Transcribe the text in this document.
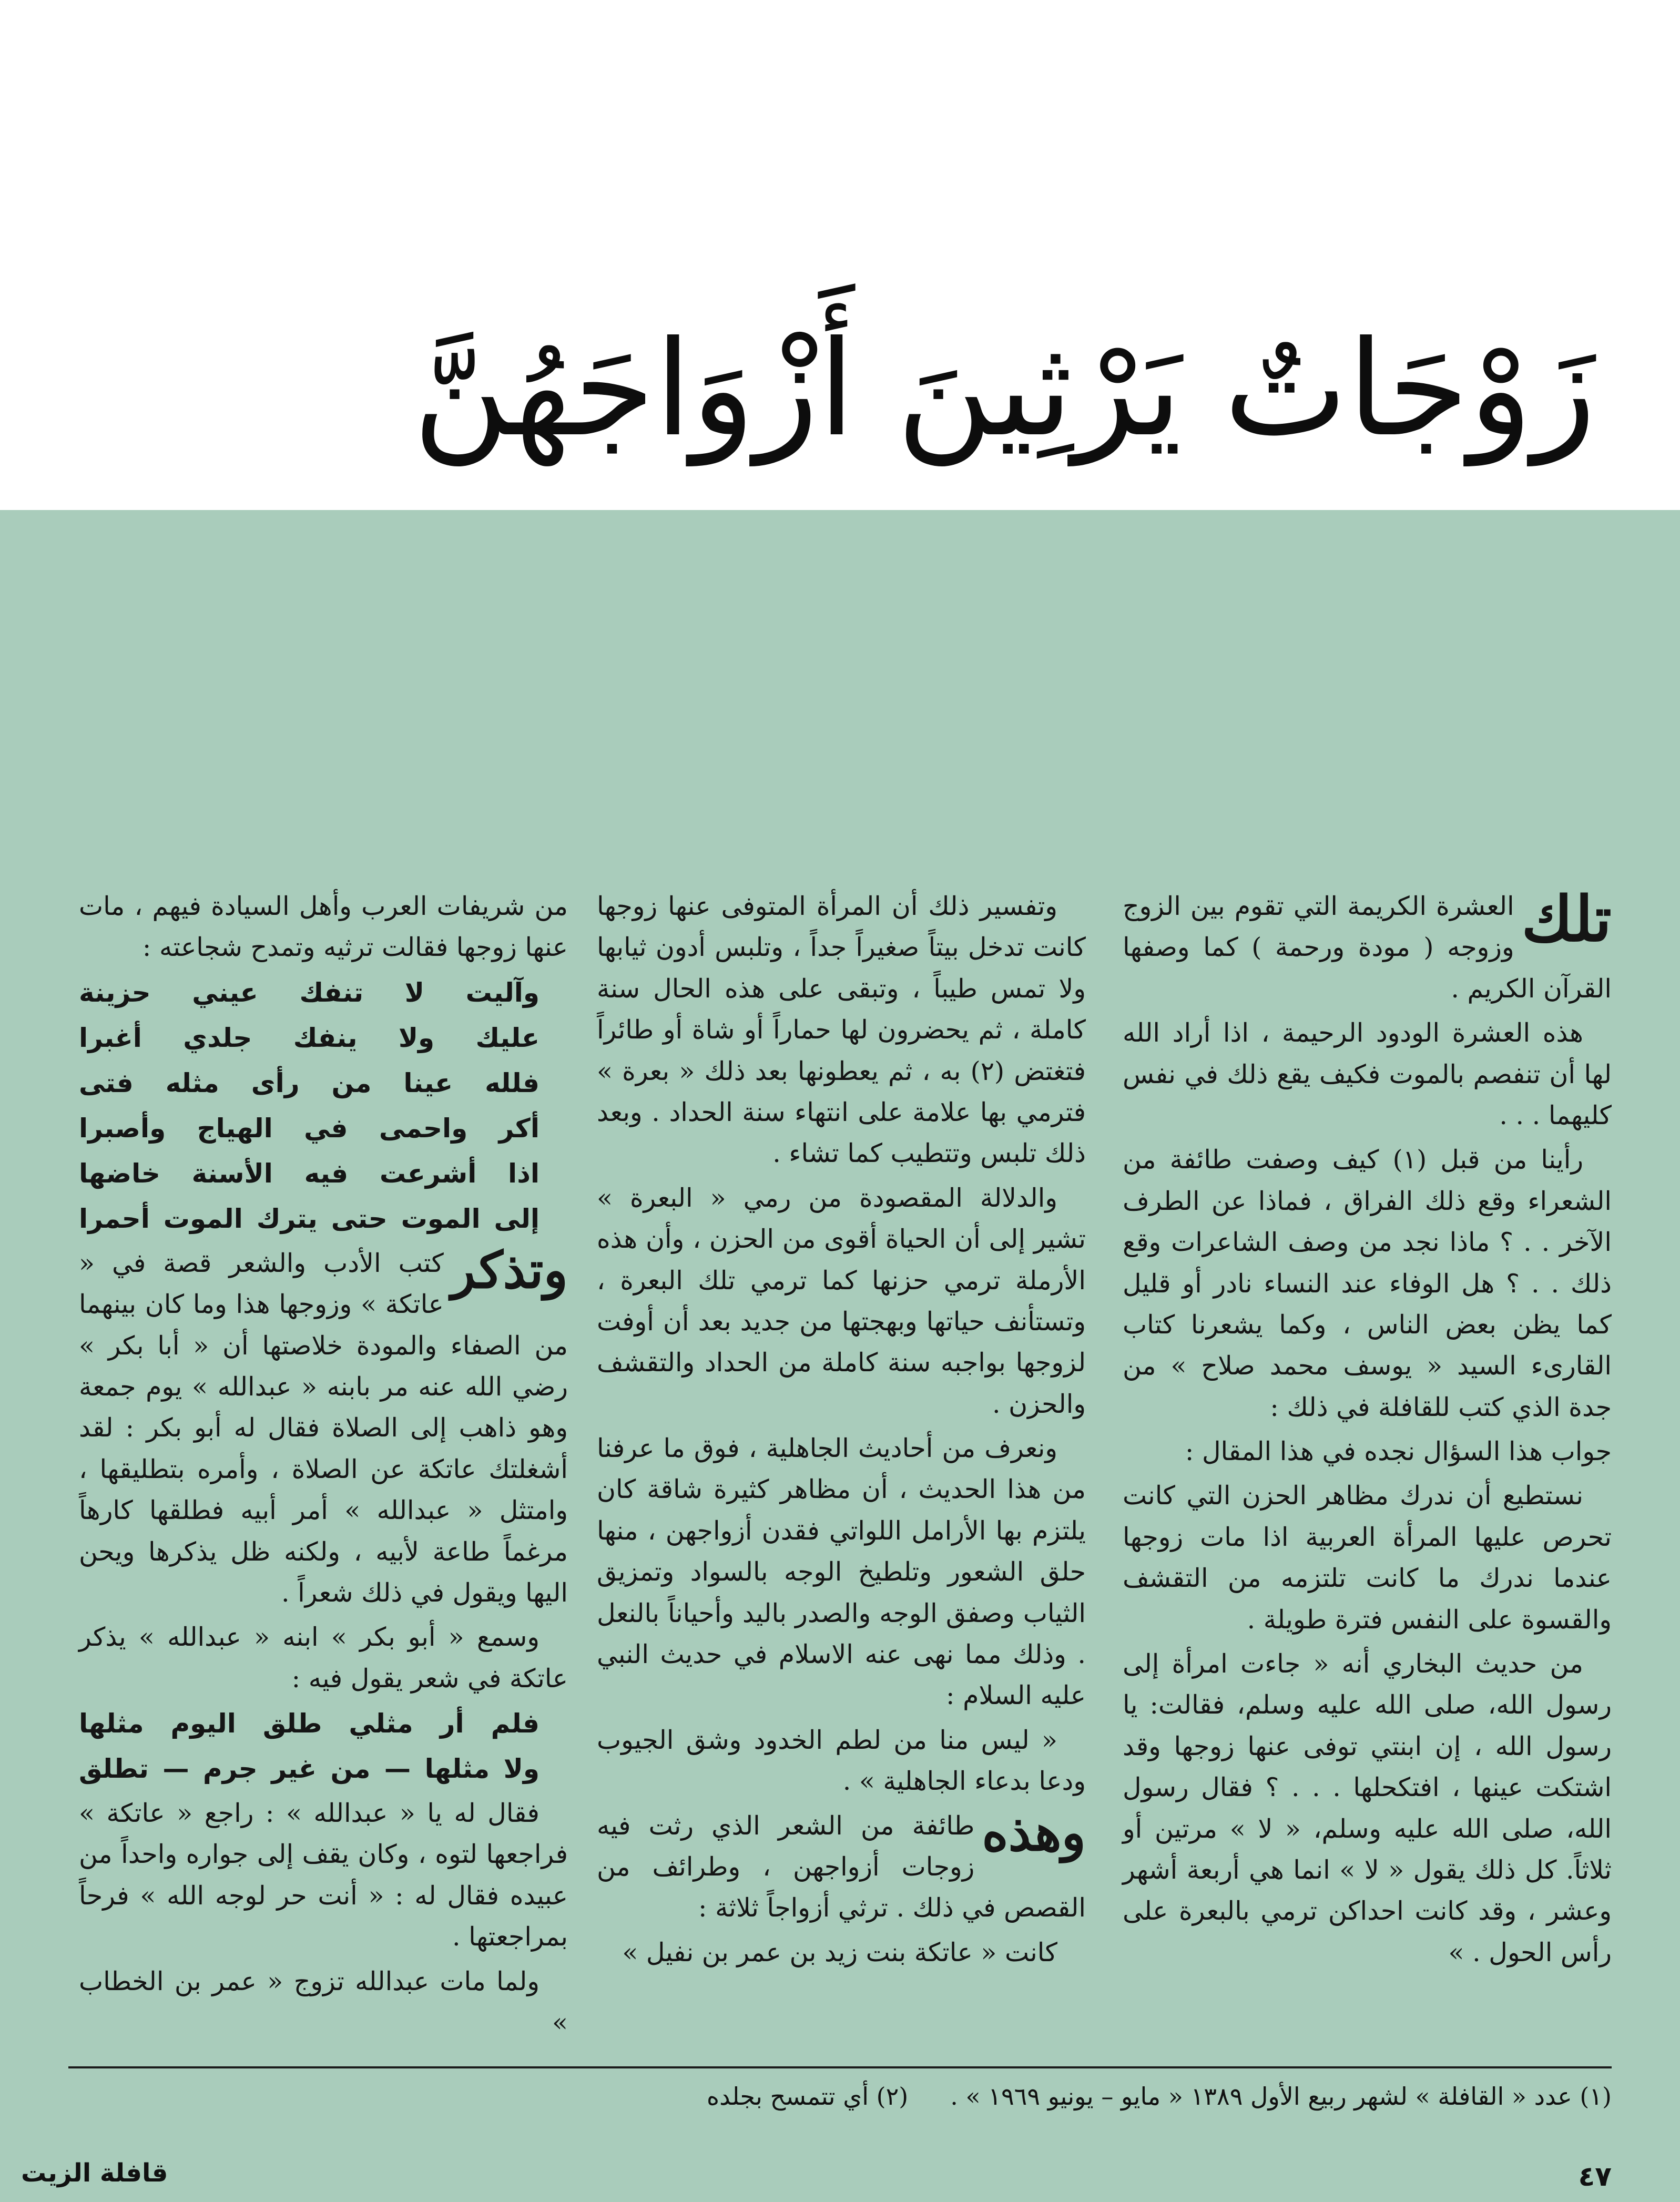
زَوْجَاتٌ يَرْثِينَ أَزْوَاجَهُنَّ
تلك

العشرة الكريمة التي تقوم بين الزوج وزوجه ( مودة ورحمة ) كما وصفها القرآن الكريم .

هذه العشرة الودود الرحيمة ، اذا أراد الله لها أن تنفصم بالموت فكيف يقع ذلك في نفس كليهما . . .

رأينا من قبل (١) كيف وصفت طائفة من الشعراء وقع ذلك الفراق ، فماذا عن الطرف الآخر . . ؟ ماذا نجد من وصف الشاعرات وقع ذلك . . ؟ هل الوفاء عند النساء نادر أو قليل كما يظن بعض الناس ، وكما يشعرنا كتاب القارىء السيد « يوسف محمد صلاح » من جدة الذي كتب للقافلة في ذلك :

جواب هذا السؤال نجده في هذا المقال :

نستطيع أن ندرك مظاهر الحزن التي كانت تحرص عليها المرأة العربية اذا مات زوجها عندما ندرك ما كانت تلتزمه من التقشف والقسوة على النفس فترة طويلة .

من حديث البخاري أنه « جاءت امرأة إلى رسول الله، صلى الله عليه وسلم، فقالت: يا رسول الله ، إن ابنتي توفى عنها زوجها وقد اشتكت عينها ، افتكحلها . . . ؟ فقال رسول الله، صلى الله عليه وسلم، « لا » مرتين أو ثلاثاً. كل ذلك يقول « لا » انما هي أربعة أشهر وعشر ، وقد كانت احداكن ترمي بالبعرة على رأس الحول . »

وتفسير ذلك أن المرأة المتوفى عنها زوجها كانت تدخل بيتاً صغيراً جداً ، وتلبس أدون ثيابها ولا تمس طيباً ، وتبقى على هذه الحال سنة كاملة ، ثم يحضرون لها حماراً أو شاة أو طائراً فتغتض (٢) به ، ثم يعطونها بعد ذلك « بعرة » فترمي بها علامة على انتهاء سنة الحداد . وبعد ذلك تلبس وتتطيب كما تشاء .

والدلالة المقصودة من رمي « البعرة » تشير إلى أن الحياة أقوى من الحزن ، وأن هذه الأرملة ترمي حزنها كما ترمي تلك البعرة ، وتستأنف حياتها وبهجتها من جديد بعد أن أوفت لزوجها بواجبه سنة كاملة من الحداد والتقشف والحزن .

ونعرف من أحاديث الجاهلية ، فوق ما عرفنا من هذا الحديث ، أن مظاهر كثيرة شاقة كان يلتزم بها الأرامل اللواتي فقدن أزواجهن ، منها حلق الشعور وتلطيخ الوجه بالسواد وتمزيق الثياب وصفق الوجه والصدر باليد وأحياناً بالنعل . وذلك مما نهى عنه الاسلام في حديث النبي عليه السلام :

« ليس منا من لطم الخدود وشق الجيوب ودعا بدعاء الجاهلية » .

وهذه

طائفة من الشعر الذي رثت فيه زوجات أزواجهن ، وطرائف من القصص في ذلك . ترثي أزواجاً ثلاثة :

كانت « عاتكة بنت زيد بن عمر بن نفيل »

من شريفات العرب وأهل السيادة فيهم ، مات عنها زوجها فقالت ترثيه وتمدح شجاعته :

وآليت لا تنفك عيني حزينة

عليك ولا ينفك جلدي أغبرا

فلله عينا من رأى مثله فتى

أكر واحمى في الهياج وأصبرا

اذا أشرعت فيه الأسنة خاضها

إلى الموت حتى يترك الموت أحمرا

وتذكر

كتب الأدب والشعر قصة في « عاتكة » وزوجها هذا وما كان بينهما من الصفاء والمودة خلاصتها أن « أبا بكر » رضي الله عنه مر بابنه « عبدالله » يوم جمعة وهو ذاهب إلى الصلاة فقال له أبو بكر : لقد أشغلتك عاتكة عن الصلاة ، وأمره بتطليقها ، وامتثل « عبدالله » أمر أبيه فطلقها كارهاً مرغماً طاعة لأبيه ، ولكنه ظل يذكرها ويحن اليها ويقول في ذلك شعراً .

وسمع « أبو بكر » ابنه « عبدالله » يذكر عاتكة في شعر يقول فيه :

فلم أر مثلي طلق اليوم مثلها

ولا مثلها — من غير جرم — تطلق

فقال له يا « عبدالله » : راجع « عاتكة » فراجعها لتوه ، وكان يقف إلى جواره واحداً من عبيده فقال له : « أنت حر لوجه الله » فرحاً بمراجعتها .

ولما مات عبدالله تزوج « عمر بن الخطاب »

(١) عدد « القافلة » لشهر ربيع الأول ١٣٨٩ « مايو – يونيو ١٩٦٩ » .
(٢) أي تتمسح بجلده
٤٧
قافلة الزيت
